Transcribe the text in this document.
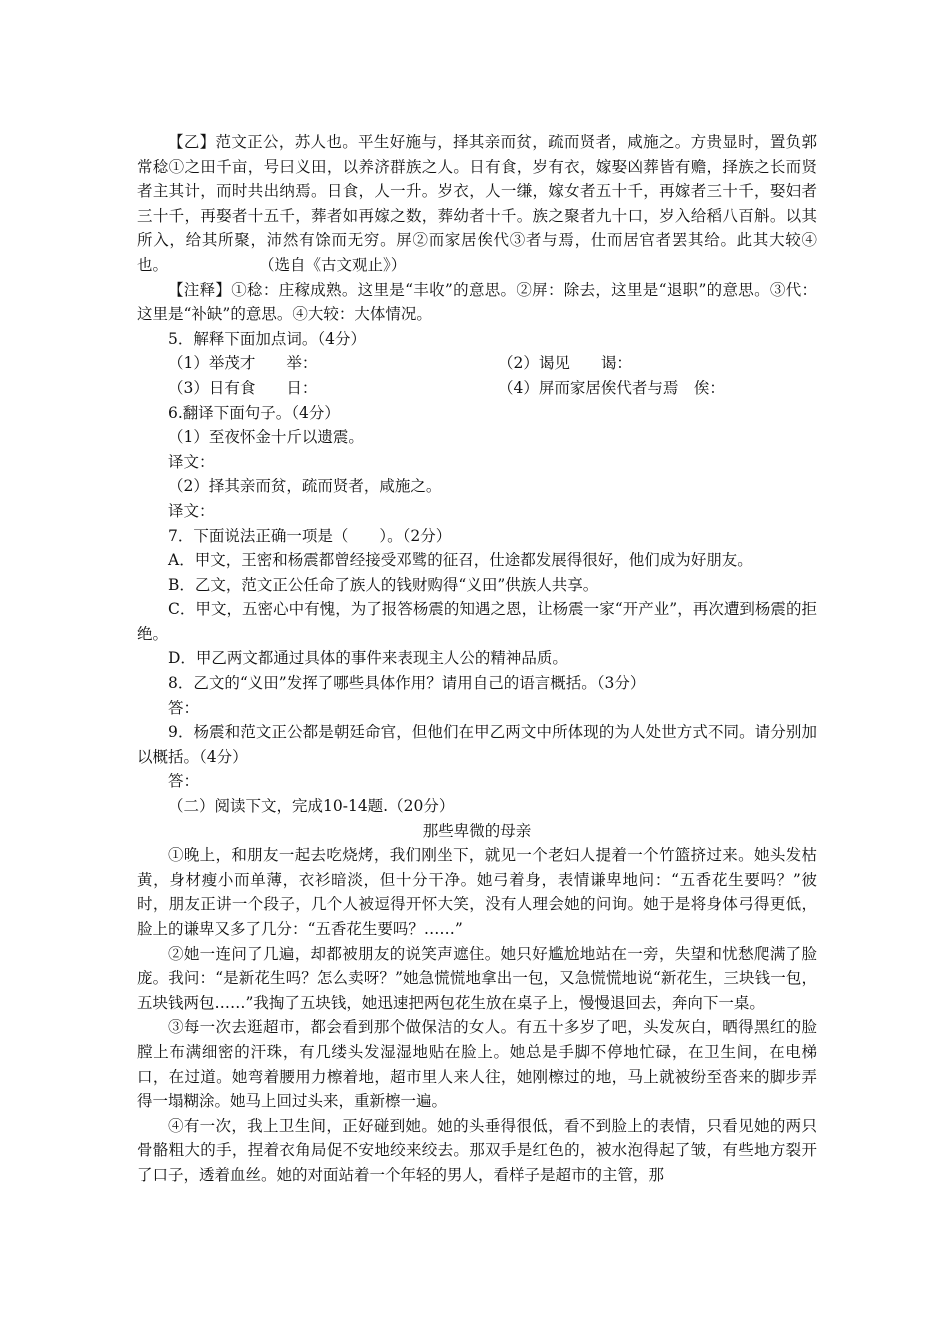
【乙】范文正公，苏人也。平生好施与，择其亲而贫，疏而贤者，咸施之。方贵显时，置负郭常稔①之田千亩，号曰义田，以养济群族之人。日有食，岁有衣，嫁娶凶葬皆有赡，择族之长而贤者主其计，而时共出纳焉。日食，人一升。岁衣，人一缣，嫁女者五十千，再嫁者三十千，娶妇者三十千，再娶者十五千，葬者如再嫁之数，葬幼者十千。族之聚者九十口，岁入给稻八百斛。以其所入，给其所聚，沛然有馀而无穷。屏②而家居俟代③者与焉，仕而居官者罢其给。此其大较④也。	（选自《古文观止》）

【注释】①稔：庄稼成熟。这里是“丰收”的意思。②屏：除去，这里是“退职”的意思。③代：这里是“补缺”的意思。④大较：大体情况。

5．解释下面加点词。（4分）

（1）举茂才　　举：	（2）谒见　　谒：
（3）日有食　　日：	（4）屏而家居俟代者与焉　俟：

6.翻译下面句子。（4分）

（1）至夜怀金十斤以遗震。

译文：

（2）择其亲而贫，疏而贤者，咸施之。

译文：

7．下面说法正确一项是（　　）。（2分）

A．甲文，王密和杨震都曾经接受邓骘的征召，仕途都发展得很好，他们成为好朋友。

B．乙文，范文正公任命了族人的钱财购得“义田”供族人共享。

C．甲文，五密心中有愧，为了报答杨震的知遇之恩，让杨震一家“开产业”，再次遭到杨震的拒绝。

D．甲乙两文都通过具体的事件来表现主人公的精神品质。

8．乙文的“义田”发挥了哪些具体作用？请用自己的语言概括。（3分）

答：

9．杨震和范文正公都是朝廷命官，但他们在甲乙两文中所体现的为人处世方式不同。请分别加以概括。（4分）

答：

（二）阅读下文，完成10-14题.（20分）

那些卑微的母亲

①晚上，和朋友一起去吃烧烤，我们刚坐下，就见一个老妇人提着一个竹篮挤过来。她头发枯黄，身材瘦小而单薄，衣衫暗淡，但十分干净。她弓着身，表情谦卑地问：“五香花生要吗？”彼时，朋友正讲一个段子，几个人被逗得开怀大笑，没有人理会她的问询。她于是将身体弓得更低，脸上的谦卑又多了几分：“五香花生要吗？……”

②她一连问了几遍，却都被朋友的说笑声遮住。她只好尴尬地站在一旁，失望和忧愁爬满了脸庞。我问：“是新花生吗？怎么卖呀？”她急慌慌地拿出一包，又急慌慌地说“新花生，三块钱一包，五块钱两包……”我掏了五块钱，她迅速把两包花生放在桌子上，慢慢退回去，奔向下一桌。

③每一次去逛超市，都会看到那个做保洁的女人。有五十多岁了吧，头发灰白，晒得黑红的脸膛上布满细密的汗珠，有几缕头发湿湿地贴在脸上。她总是手脚不停地忙碌，在卫生间，在电梯口，在过道。她弯着腰用力檫着地，超市里人来人往，她刚檫过的地，马上就被纷至沓来的脚步弄得一塌糊涂。她马上回过头来，重新檫一遍。

④有一次，我上卫生间，正好碰到她。她的头垂得很低，看不到脸上的表情，只看见她的两只骨骼粗大的手，捏着衣角局促不安地绞来绞去。那双手是红色的，被水泡得起了皱，有些地方裂开了口子，透着血丝。她的对面站着一个年轻的男人，看样子是超市的主管，那
